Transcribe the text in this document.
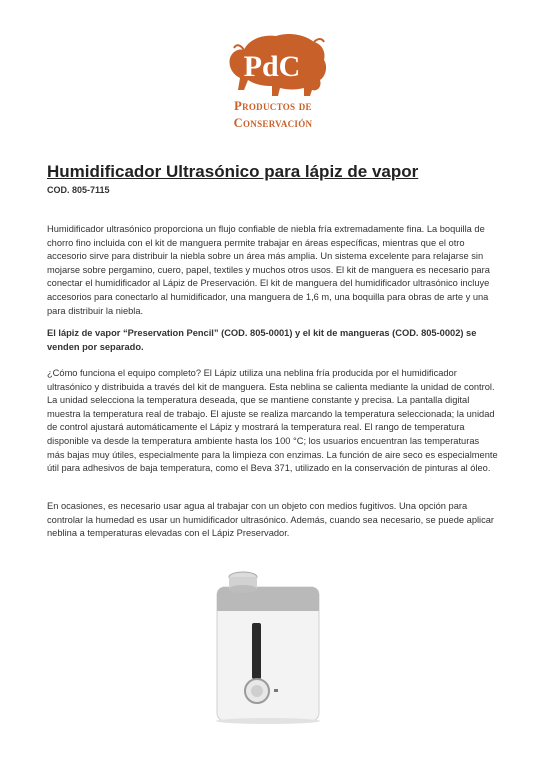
PdC
Productos de
Conservación
Humidificador Ultrasónico para lápiz de vapor
COD. 805-7115

Humidificador ultrasónico proporciona un flujo confiable de niebla fría extremadamente fina. La boquilla de chorro fino incluida con el kit de manguera permite trabajar en áreas específicas, mientras que el otro accesorio sirve para distribuir la niebla sobre un área más amplia. Un sistema excelente para relajarse sin mojarse sobre pergamino, cuero, papel, textiles y muchos otros usos. El kit de manguera es necesario para conectar el humidificador al Lápiz de Preservación. El kit de manguera del humidificador ultrasónico incluye accesorios para conectarlo al humidificador, una manguera de 1,6 m, una boquilla para obras de arte y una para distribuir la niebla.

El lápiz de vapor “Preservation Pencil” (COD. 805-0001) y el kit de mangueras (COD. 805-0002) se venden por separado.

¿Cómo funciona el equipo completo? El Lápiz utiliza una neblina fría producida por el humidificador ultrasónico y distribuida a través del kit de manguera. Esta neblina se calienta mediante la unidad de control. La unidad selecciona la temperatura deseada, que se mantiene constante y precisa. La pantalla digital muestra la temperatura real de trabajo. El ajuste se realiza marcando la temperatura seleccionada; la unidad de control ajustará automáticamente el Lápiz y mostrará la temperatura real. El rango de temperatura disponible va desde la temperatura ambiente hasta los 100 °C; los usuarios encuentran las temperaturas más bajas muy útiles, especialmente para la limpieza con enzimas. La función de aire seco es especialmente útil para adhesivos de baja temperatura, como el Beva 371, utilizado en la conservación de pinturas al óleo.

En ocasiones, es necesario usar agua al trabajar con un objeto con medios fugitivos. Una opción para controlar la humedad es usar un humidificador ultrasónico. Además, cuando sea necesario, se puede aplicar neblina a temperaturas elevadas con el Lápiz Preservador.
